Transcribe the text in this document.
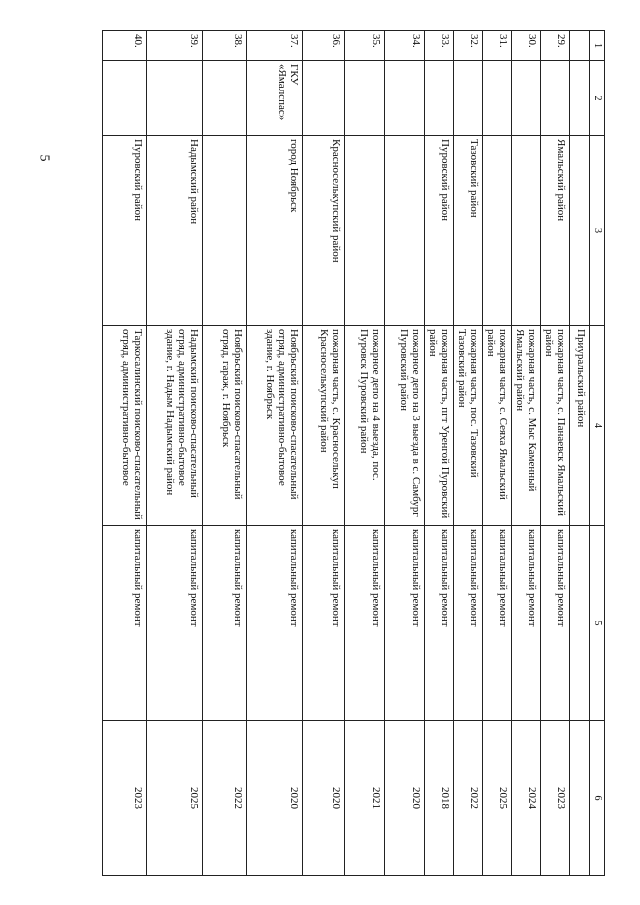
5
1	2	3	4	5	6
			Приуральский район		
29.		Ямальский район	пожарная часть, с. Панаевск Ямальский район	капитальный ремонт	2023
30.			пожарная часть, с. Мыс Каменный Ямальский район	капитальный ремонт	2024
31.			пожарная часть, с. Сеяха Ямальский район	капитальный ремонт	2025
32.		Тазовский район	пожарная часть, пос. Тазовский Тазовский район	капитальный ремонт	2022
33.		Пуровский район	пожарная часть, пгт Уренгой Пуровский район	капитальный ремонт	2018
34.			пожарное депо на 3 выезда в с. Самбург Пуровский район	капитальный ремонт	2020
35.			пожарное депо на 4 выезда, пос. Пуровск Пуровский район	капитальный ремонт	2021
36.		Красноселькупский район	пожарная часть, с. Красноселькуп Красноселькупский район	капитальный ремонт	2020
37.	ГКУ «Ямалспас»	город Ноябрьск	Ноябрьский поисково-спасательный отряд, административно-бытовое здание, г. Ноябрьск	капитальный ремонт	2020
38.			Ноябрьский поисково-спасательный отряд, гараж, г. Ноябрьск	капитальный ремонт	2022
39.		Надымский район	Надымский поисково-спасательный отряд, административно-бытовое здание, г. Надым Надымский район	капитальный ремонт	2025
40.		Пуровский район	Таркосалинский поисково-спасательный отряд, административно-бытовое	капитальный ремонт	2023
